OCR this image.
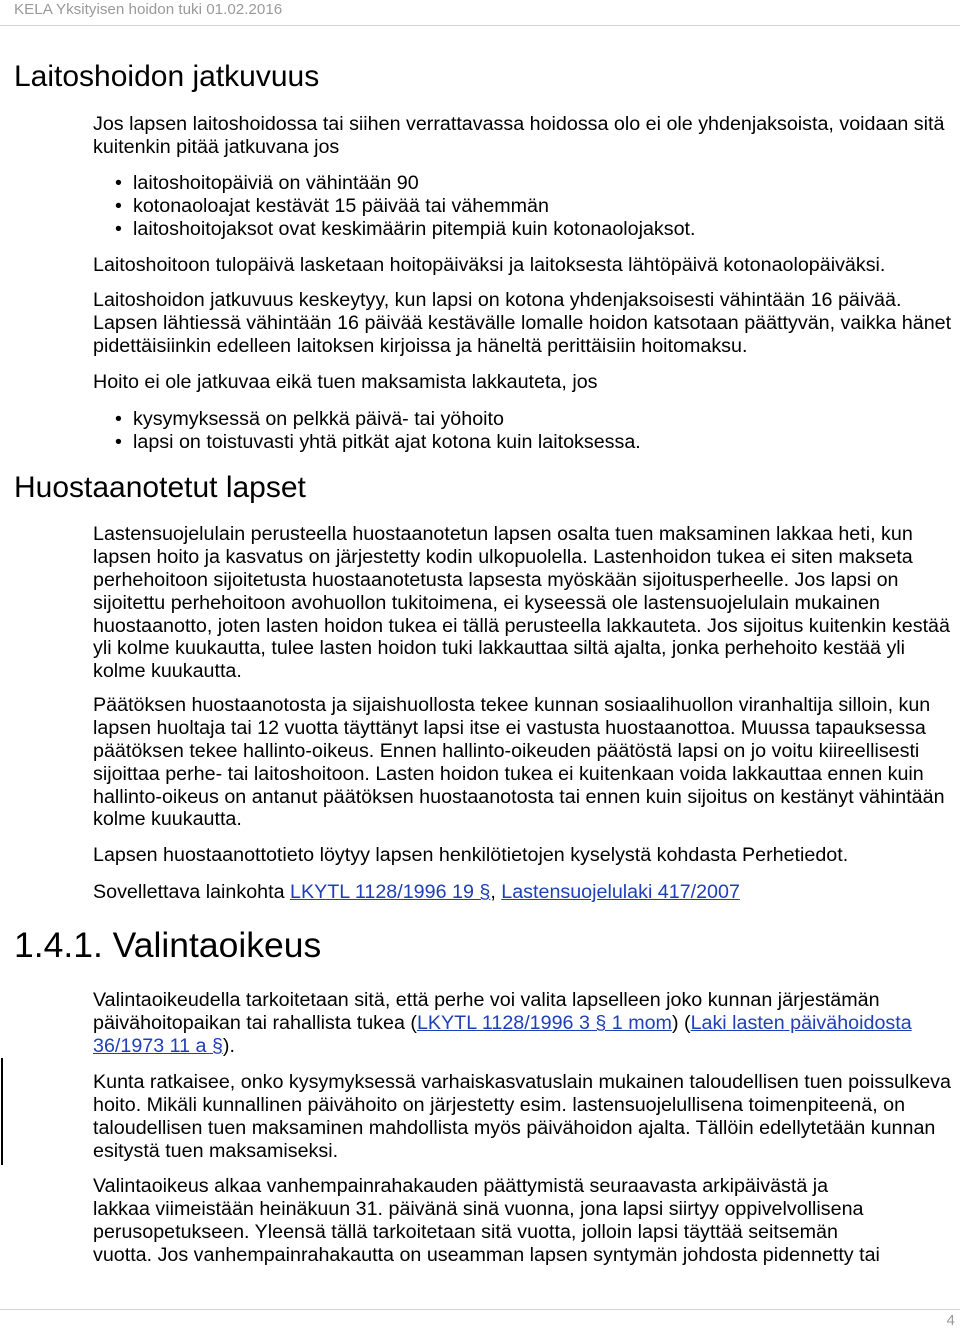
KELA Yksityisen hoidon tuki 01.02.2016
Laitoshoidon jatkuvuus
Jos lapsen laitoshoidossa tai siihen verrattavassa hoidossa olo ei ole yhdenjaksoista, voidaan sitä
kuitenkin pitää jatkuvana jos
• laitoshoitopäiviä on vähintään 90
• kotonaoloajat kestävät 15 päivää tai vähemmän
• laitoshoitojaksot ovat keskimäärin pitempiä kuin kotonaolojaksot.
Laitoshoitoon tulopäivä lasketaan hoitopäiväksi ja laitoksesta lähtöpäivä kotonaolopäiväksi.
Laitoshoidon jatkuvuus keskeytyy, kun lapsi on kotona yhdenjaksoisesti vähintään 16 päivää.
Lapsen lähtiessä vähintään 16 päivää kestävälle lomalle hoidon katsotaan päättyvän, vaikka hänet
pidettäisiinkin edelleen laitoksen kirjoissa ja häneltä perittäisiin hoitomaksu.
Hoito ei ole jatkuvaa eikä tuen maksamista lakkauteta, jos
• kysymyksessä on pelkkä päivä- tai yöhoito
• lapsi on toistuvasti yhtä pitkät ajat kotona kuin laitoksessa.
Huostaanotetut lapset
Lastensuojelulain perusteella huostaanotetun lapsen osalta tuen maksaminen lakkaa heti, kun
lapsen hoito ja kasvatus on järjestetty kodin ulkopuolella. Lastenhoidon tukea ei siten makseta
perhehoitoon sijoitetusta huostaanotetusta lapsesta myöskään sijoitusperheelle. Jos lapsi on
sijoitettu perhehoitoon avohuollon tukitoimena, ei kyseessä ole lastensuojelulain mukainen
huostaanotto, joten lasten hoidon tukea ei tällä perusteella lakkauteta. Jos sijoitus kuitenkin kestää
yli kolme kuukautta, tulee lasten hoidon tuki lakkauttaa siltä ajalta, jonka perhehoito kestää yli
kolme kuukautta.
Päätöksen huostaanotosta ja sijaishuollosta tekee kunnan sosiaalihuollon viranhaltija silloin, kun
lapsen huoltaja tai 12 vuotta täyttänyt lapsi itse ei vastusta huostaanottoa. Muussa tapauksessa
päätöksen tekee hallinto-oikeus. Ennen hallinto-oikeuden päätöstä lapsi on jo voitu kiireellisesti
sijoittaa perhe- tai laitoshoitoon. Lasten hoidon tukea ei kuitenkaan voida lakkauttaa ennen kuin
hallinto-oikeus on antanut päätöksen huostaanotosta tai ennen kuin sijoitus on kestänyt vähintään
kolme kuukautta.
Lapsen huostaanottotieto löytyy lapsen henkilötietojen kyselystä kohdasta Perhetiedot.
Sovellettava lainkohta LKYTL 1128/1996 19 §, Lastensuojelulaki 417/2007
1.4.1. Valintaoikeus
Valintaoikeudella tarkoitetaan sitä, että perhe voi valita lapselleen joko kunnan järjestämän
päivähoitopaikan tai rahallista tukea (LKYTL 1128/1996 3 § 1 mom) (Laki lasten päivähoidosta
36/1973 11 a §).
Kunta ratkaisee, onko kysymyksessä varhaiskasvatuslain mukainen taloudellisen tuen poissulkeva
hoito. Mikäli kunnallinen päivähoito on järjestetty esim. lastensuojelullisena toimenpiteenä, on
taloudellisen tuen maksaminen mahdollista myös päivähoidon ajalta. Tällöin edellytetään kunnan
esitystä tuen maksamiseksi.
Valintaoikeus alkaa vanhempainrahakauden päättymistä seuraavasta arkipäivästä ja
lakkaa viimeistään heinäkuun 31. päivänä sinä vuonna, jona lapsi siirtyy oppivelvollisena
perusopetukseen. Yleensä tällä tarkoitetaan sitä vuotta, jolloin lapsi täyttää seitsemän
vuotta. Jos vanhempainrahakautta on useamman lapsen syntymän johdosta pidennetty tai
4
